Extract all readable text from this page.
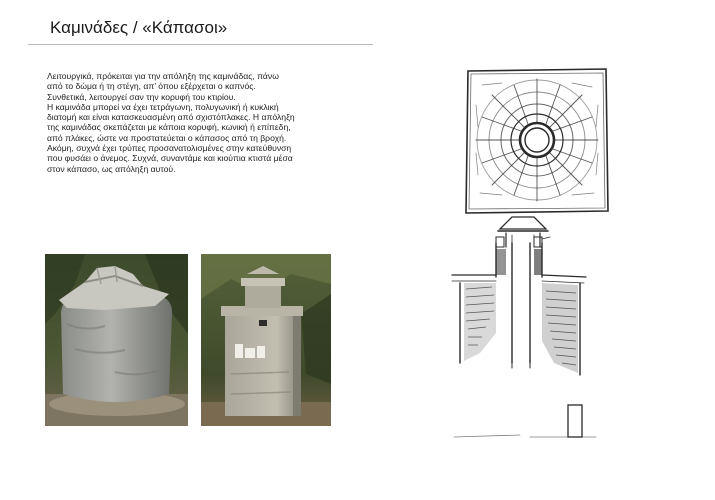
Καμινάδες / «Κάπασοι»

Λειτουργικά, πρόκειται για την απόληξη της καμινάδας, πάνω από το δώμα ή τη στέγη, απ’ όπου εξέρχεται ο καπνός.

Συνθετικά, λειτουργεί σαν την κορυφή του κτιρίου.

Η καμινάδα μπορεί να έχει τετράγωνη, πολυγωνική ή κυκλική διατομή και είναι κατασκευασμένη από σχιστόπλακες. Η απόληξη της καμινάδας σκεπάζεται με κάποια κορυφή, κωνική ή επίπεδη, από πλάκες, ώστε να προστατεύεται ο κάπασος από τη βροχή. Ακόμη, συχνά έχει τρύπες προσανατολισμένες στην κατεύθυνση που φυσάει ο άνεμος. Συχνά, συναντάμε και κιούπια κτιστά μέσα στον κάπασο, ως απόληξη αυτού.
